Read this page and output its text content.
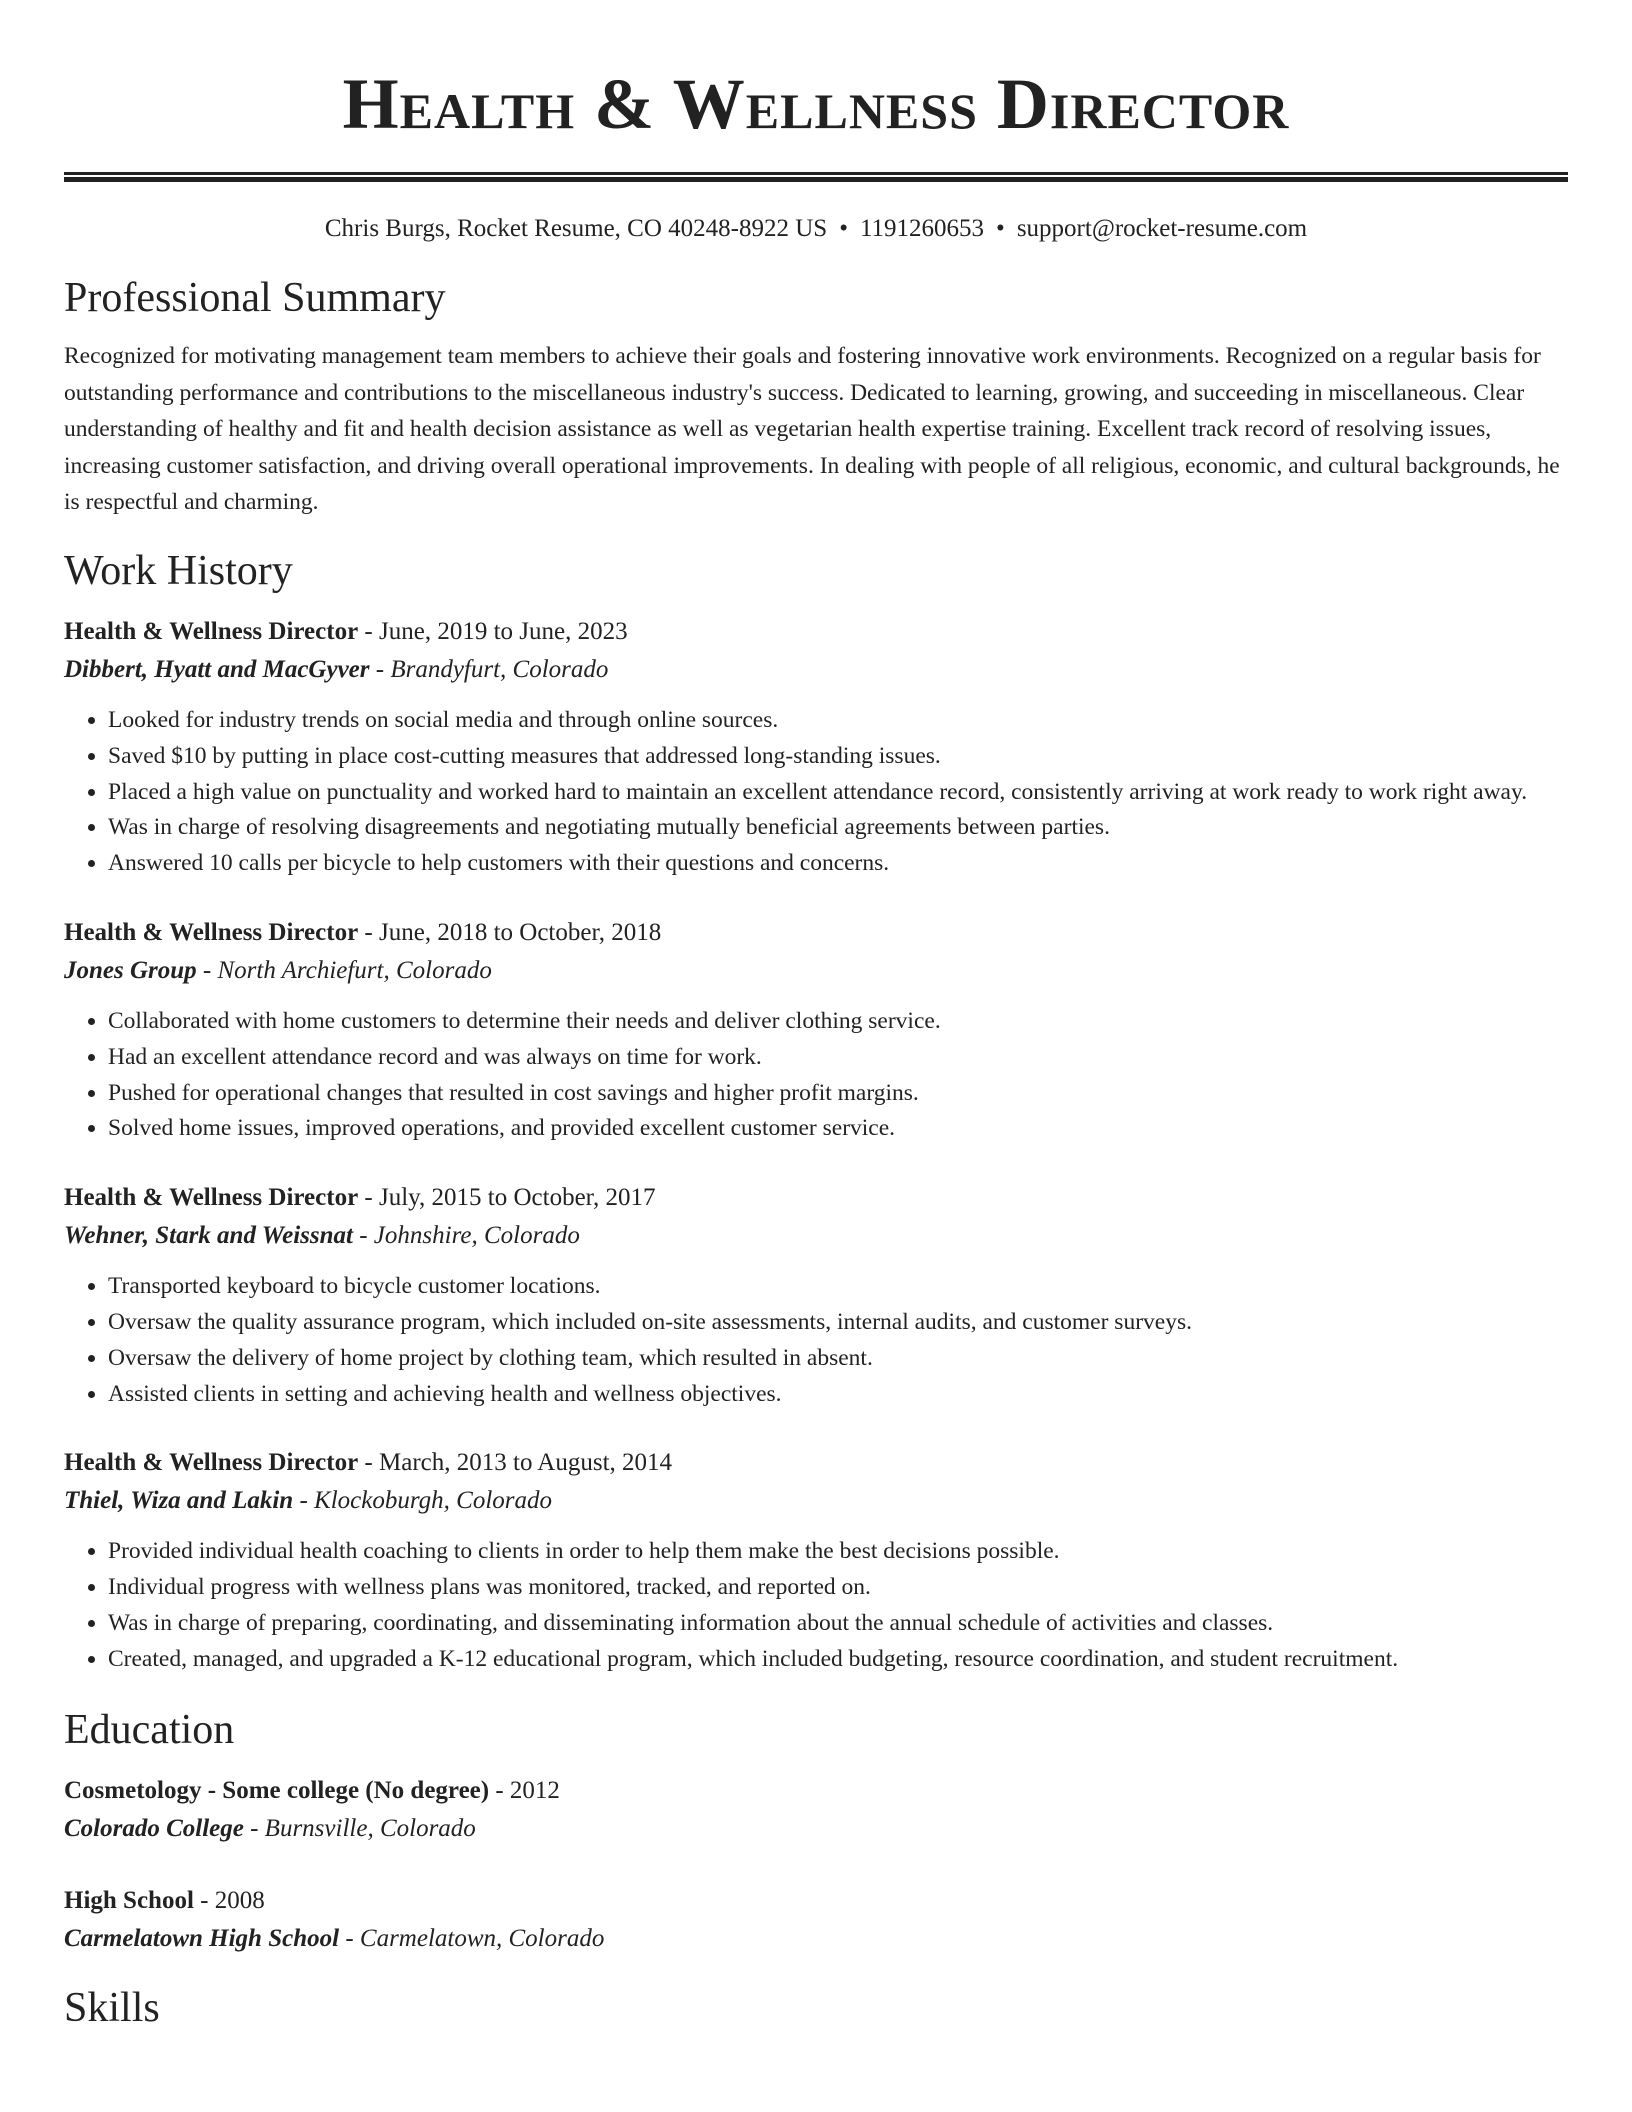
Health & Wellness Director
Chris Burgs, Rocket Resume, CO 40248-8922 US • 1191260653 • support@rocket-resume.com
Professional Summary
Recognized for motivating management team members to achieve their goals and fostering innovative work environments. Recognized on a regular basis for outstanding performance and contributions to the miscellaneous industry's success. Dedicated to learning, growing, and succeeding in miscellaneous. Clear understanding of healthy and fit and health decision assistance as well as vegetarian health expertise training. Excellent track record of resolving issues, increasing customer satisfaction, and driving overall operational improvements. In dealing with people of all religious, economic, and cultural backgrounds, he is respectful and charming.
Work History
Health & Wellness Director - June, 2019 to June, 2023
Dibbert, Hyatt and MacGyver - Brandyfurt, Colorado
• Looked for industry trends on social media and through online sources.
• Saved $10 by putting in place cost-cutting measures that addressed long-standing issues.
• Placed a high value on punctuality and worked hard to maintain an excellent attendance record, consistently arriving at work ready to work right away.
• Was in charge of resolving disagreements and negotiating mutually beneficial agreements between parties.
• Answered 10 calls per bicycle to help customers with their questions and concerns.
Health & Wellness Director - June, 2018 to October, 2018
Jones Group - North Archiefurt, Colorado
• Collaborated with home customers to determine their needs and deliver clothing service.
• Had an excellent attendance record and was always on time for work.
• Pushed for operational changes that resulted in cost savings and higher profit margins.
• Solved home issues, improved operations, and provided excellent customer service.
Health & Wellness Director - July, 2015 to October, 2017
Wehner, Stark and Weissnat - Johnshire, Colorado
• Transported keyboard to bicycle customer locations.
• Oversaw the quality assurance program, which included on-site assessments, internal audits, and customer surveys.
• Oversaw the delivery of home project by clothing team, which resulted in absent.
• Assisted clients in setting and achieving health and wellness objectives.
Health & Wellness Director - March, 2013 to August, 2014
Thiel, Wiza and Lakin - Klockoburgh, Colorado
• Provided individual health coaching to clients in order to help them make the best decisions possible.
• Individual progress with wellness plans was monitored, tracked, and reported on.
• Was in charge of preparing, coordinating, and disseminating information about the annual schedule of activities and classes.
• Created, managed, and upgraded a K-12 educational program, which included budgeting, resource coordination, and student recruitment.
Education
Cosmetology - Some college (No degree) - 2012
Colorado College - Burnsville, Colorado
High School - 2008
Carmelatown High School - Carmelatown, Colorado
Skills
